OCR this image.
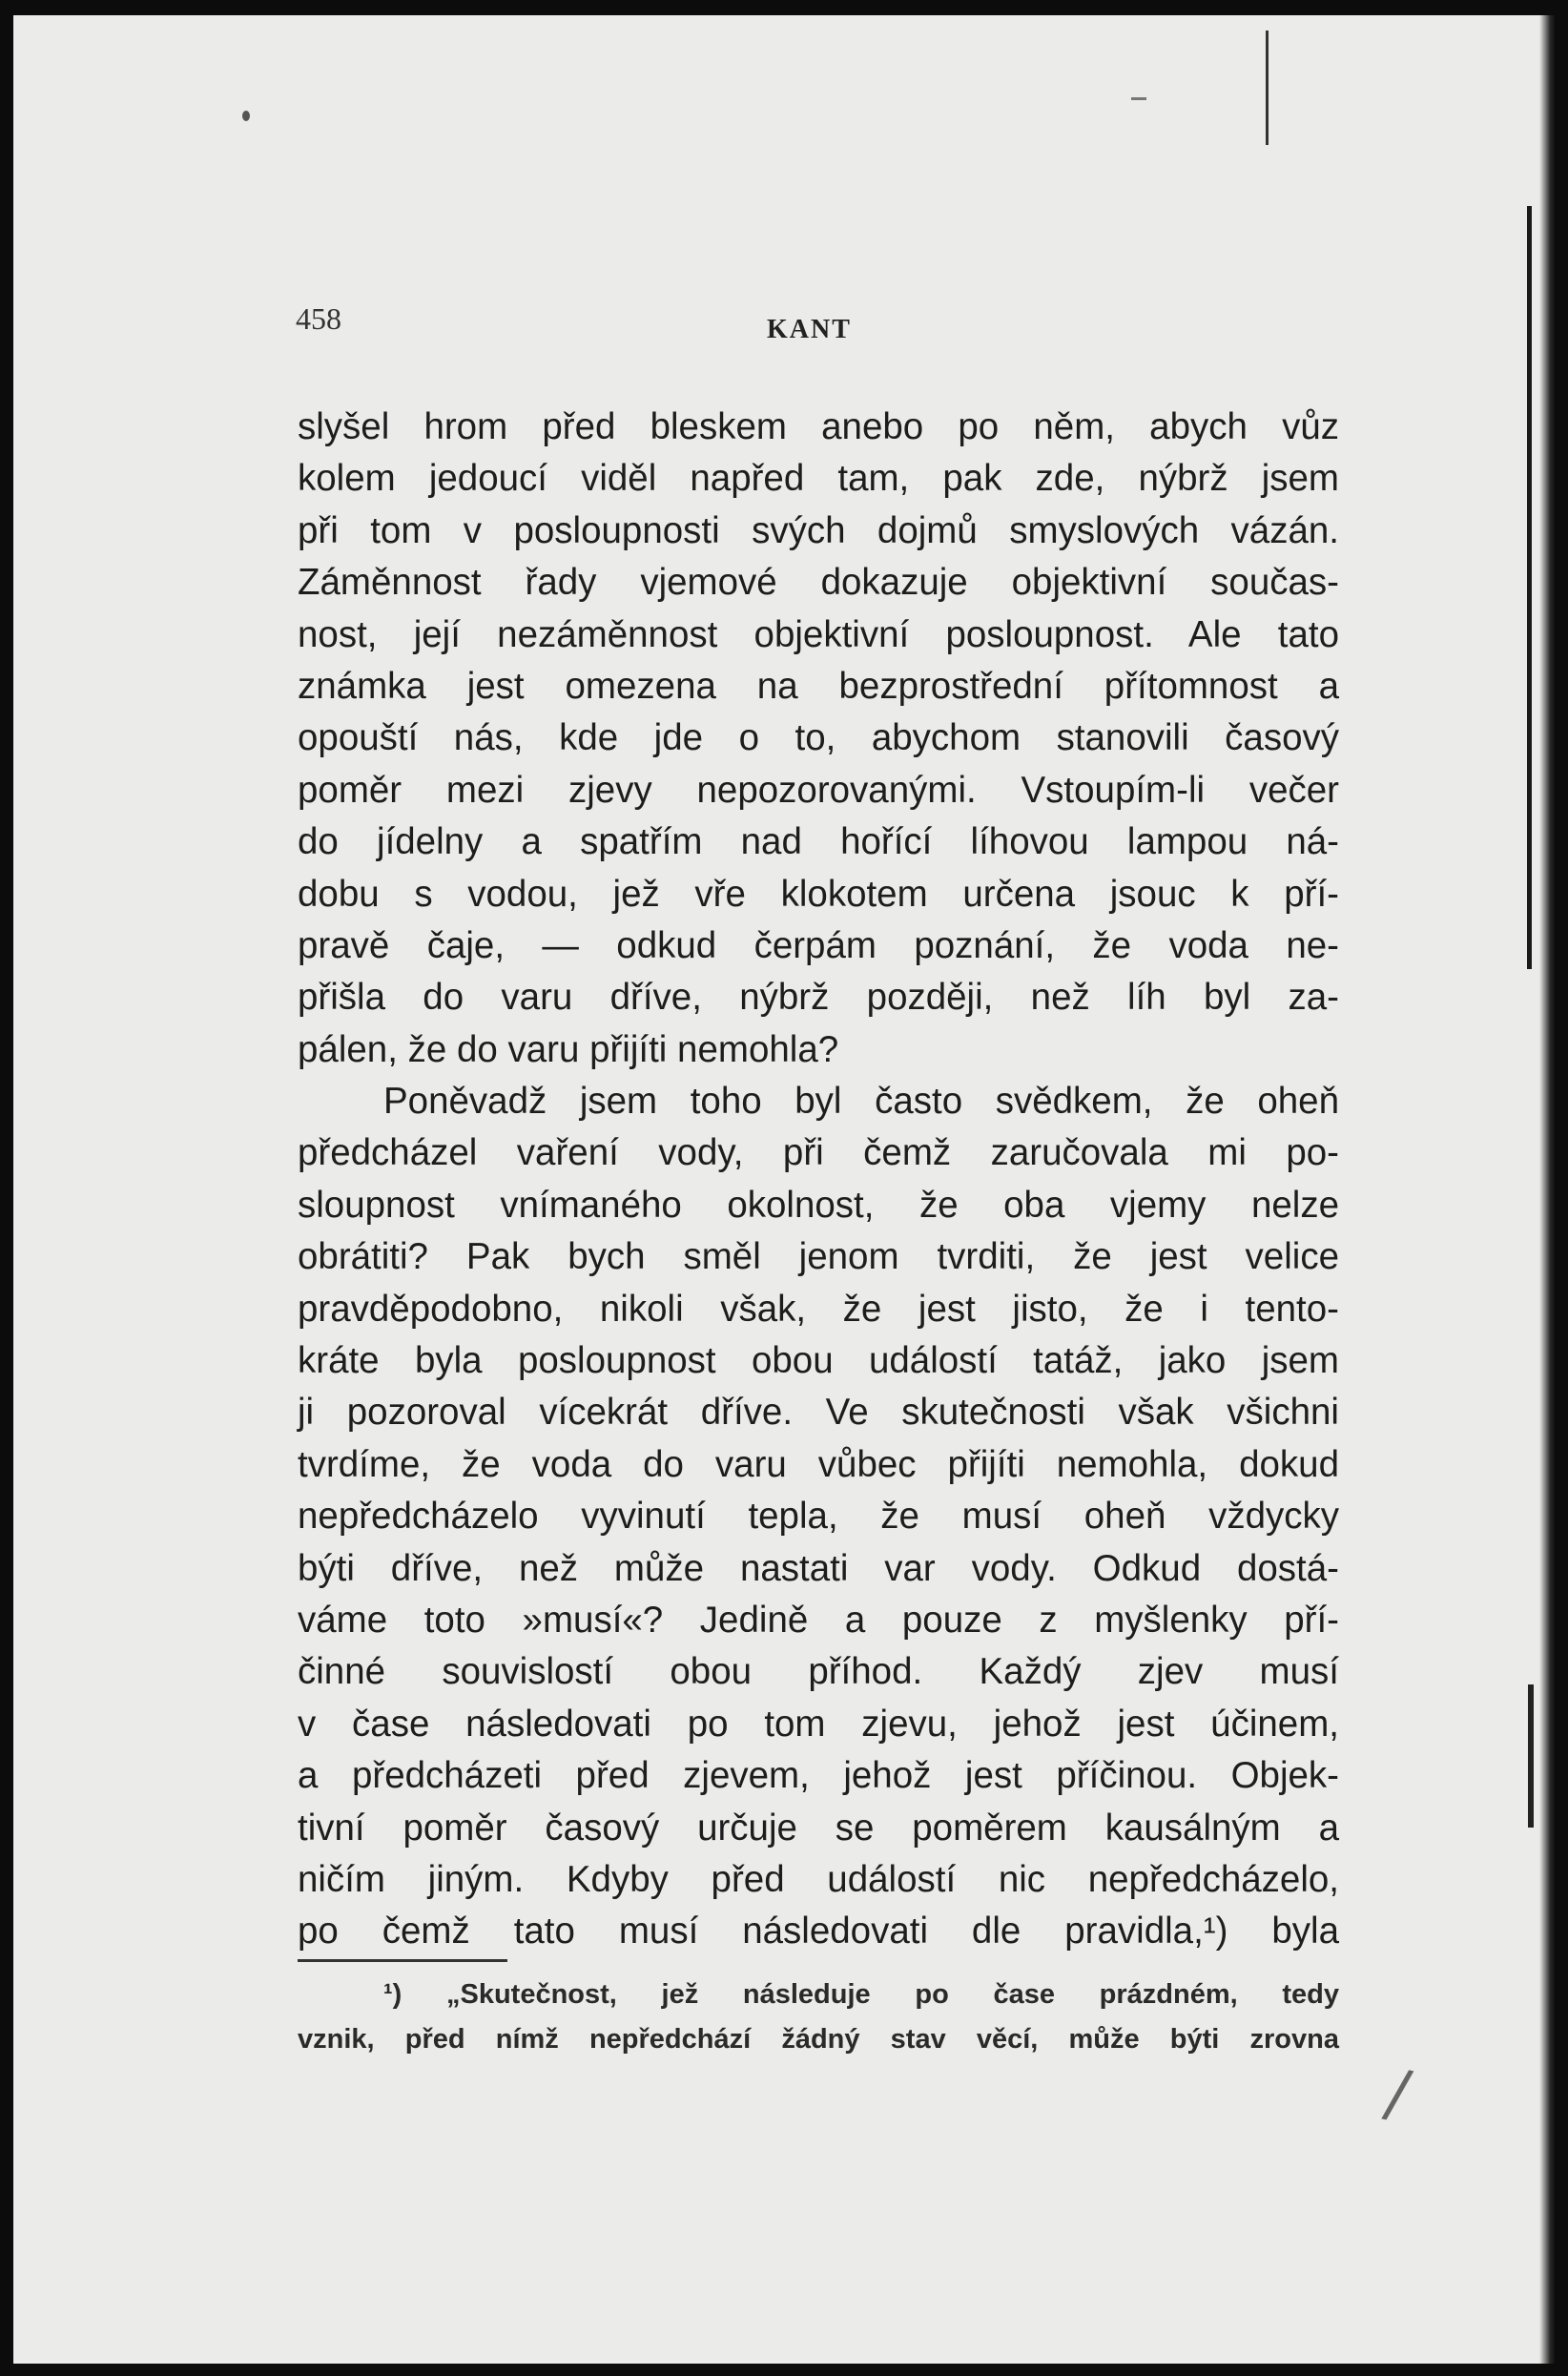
/
458	KANT
slyšel hrom před bleskem anebo po něm, abych vůz
kolem jedoucí viděl napřed tam, pak zde, nýbrž jsem
při tom v posloupnosti svých dojmů smyslových vázán.
Záměnnost řady vjemové dokazuje objektivní součas-
nost, její nezáměnnost objektivní posloupnost. Ale tato
známka jest omezena na bezprostřední přítomnost a
opouští nás, kde jde o to, abychom stanovili časový
poměr mezi zjevy nepozorovanými. Vstoupím-li večer
do jídelny a spatřím nad hořící líhovou lampou ná-
dobu s vodou, jež vře klokotem určena jsouc k pří-
pravě čaje, — odkud čerpám poznání, že voda ne-
přišla do varu dříve, nýbrž později, než líh byl za-
pálen, že do varu přijíti nemohla?
Poněvadž jsem toho byl často svědkem, že oheň
předcházel vaření vody, při čemž zaručovala mi po-
sloupnost vnímaného okolnost, že oba vjemy nelze
obrátiti? Pak bych směl jenom tvrditi, že jest velice
pravděpodobno, nikoli však, že jest jisto, že i tento-
kráte byla posloupnost obou událostí tatáž, jako jsem
ji pozoroval vícekrát dříve. Ve skutečnosti však všichni
tvrdíme, že voda do varu vůbec přijíti nemohla, dokud
nepředcházelo vyvinutí tepla, že musí oheň vždycky
býti dříve, než může nastati var vody. Odkud dostá-
váme toto »musí«? Jedině a pouze z myšlenky pří-
činné souvislostí obou příhod. Každý zjev musí
v čase následovati po tom zjevu, jehož jest účinem,
a předcházeti před zjevem, jehož jest příčinou. Objek-
tivní poměr časový určuje se poměrem kausálným a
ničím jiným. Kdyby před událostí nic nepředcházelo,
po čemž tato musí následovati dle pravidla,¹) byla
¹) „Skutečnost, jež následuje po čase prázdném, tedy
vznik, před nímž nepředchází žádný stav věcí, může býti zrovna
